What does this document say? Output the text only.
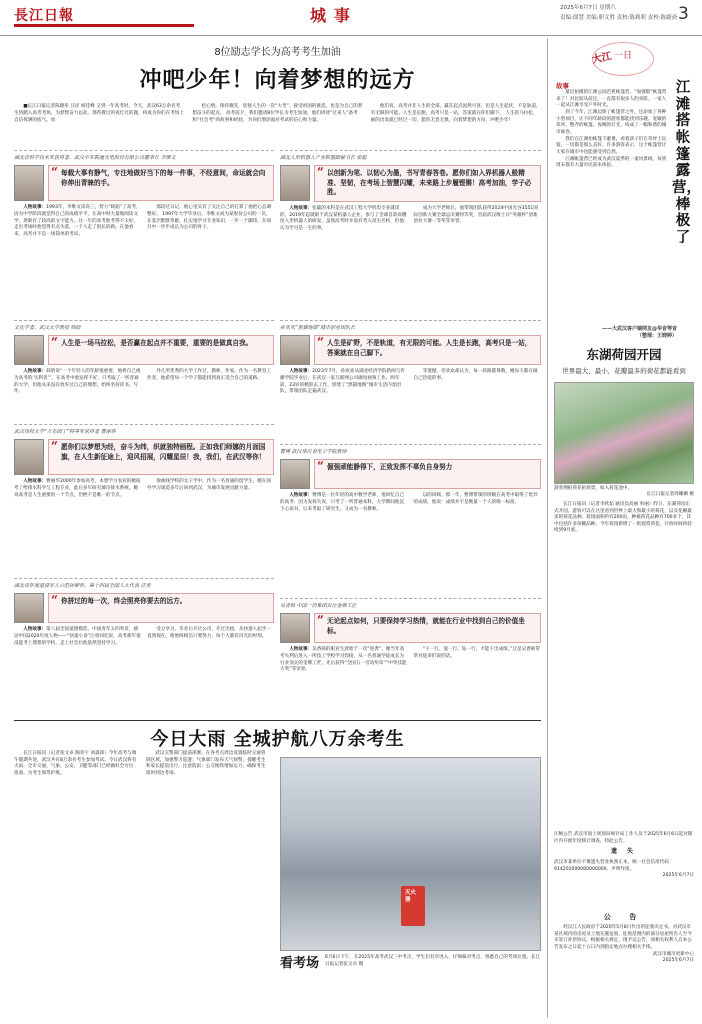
長江日報	城事	2025年6月7日 星期六
责编:郎慧 美编:职文胜 责校:陈莉莉 责校:陈疆斋 3
8位励志学长为高考考生加油
冲吧少年！向着梦想的远方

■长江日报记者陈晓彤 汪洋 杨佳峰 又到一年高考时。今天，武汉63万余名考生将踏入高考考场，为梦想奋力以赴。那些教过的夜灯过的题，将成为你们在考场上自信挥洒的底气。放

松心情，保持微笑，迎接人生的一次“大考”。接受祖国的挑选，也是为自己的梦想奋斗的起点。 高考前夕，我们邀请8位学长为考生加油，他们讲述“过来人”备考和“社会考”的故事和经验，为你们增添面对考试的信心和力量。

他们说，高考并非人生的全部，赢在起点固然可喜，但是人生起伏，不是轨道，有无限的可能。人生是长跑，高考只是一站，答案就在你们脚下。 人生的马拉松，画的出发就已经过一切，愿你无畏无惧，向着梦想的方向，冲吧少年！

湖北省科学技术奖获得者、武汉中车联通光电股份有限公司董事长 李维文
“ 每载大事有静气，专注地做好当下的每一件事，不经意间，命运就会向你伸出青睐的手。

人物故事：1993年，李维文读高三，智力“缺陷”了高考，因为中学阶段就觉得自己的成绩平平，在高中时大量地阅读文学，逐渐有了较高的文字能力。这一年的高考他考得不太好，走出考场时他觉得有点失落，一个人走了很长的路。在他看来，高考并不是一场简单的考试。

那段过日记，他心里头有了关注自己的打算了他把心态调整好。 1997年大学毕业后，李维文成为某股份公司的一员，在基层默默奉献，扎实地学习专业知识，一步一个脚印，在项目中一步步成长为公司的骨干。

湖北人形机器人产业联盟副秘书长 张聪
“ 以创新为笔、以韧心为墨，书写青春答卷。愿你们如入界机器人般精准、坚韧，在考场上智慧闪耀，未来路上步履铿锵！高考加油，学子必胜。

人物故事：张聪的本科是在武汉工程大学机电专业就读的，2019年起就职于武汉某机器人企业，参与了全球首款高精度人形机器人的研发。虽然高考时并没有考入顶尖名校，但他认为学习是一生的事。

成为大学老师后，他带领团队获得2024中国光谷3551国际创新大赛全球总决赛特等奖，首届武汉唯士日“英雄杯”创新创业大赛一等奖等荣誉。

文化学者、武汉大学教授 韩晗
“ 人生是一场马拉松，是否赢在起点并不重要，重要的是做真自我。

人物故事：韩晗说“一个年轻人的年龄很重要，他将自己视为高考的‘失利者’”。在高考中他发挥不好，只考取了一所普通的大学，但他从来没有放弃过自己的理想，始终坚持读书、写作。

外几所优秀的大学工作过，教师、作家，作为一名教育工作者，他希望每一个学子都能找到真正适合自己的道路。

孙欢欢“黑猫地图”城市创业团队长
“ 人生是矿野，不是轨道，有无限的可能。人生是长跑，高考只是一站，答案就在自己脚下。

人物故事：2023年7月，孙欢欢从湖北经济学院新闻与传播学院毕业后，在武汉一家互联网公司做短视频工作。两年前，23岁的她辞去工作，创建了“黑猫地图”城市生活内容团队，带领团队走遍武汉。

等遗憾，但欢欢却认为，每一段路都算数，她每天都在做自己热爱的事。

武汉体校大学“万名园丁”特等奖获得者 曹丽华
“ 愿你们以梦想为经，奋斗为纬，织就独特画程。正如我们师娜的月面国旗，在人生新征途上，迎风招展，闪耀星辰！我，我们，在武汉等你！

人物故事：曹丽华2000年参加高考，本想学习农业的她报考了给排水科学与工程专业，此后多年研究城市排水系统。她说高考是人生重要的一个节点，但绝不是唯一的节点。

俞曲线学校的女子学中，作为一名普通的留学生，她在国外学习深造多年后回到武汉，为城市发展贡献力量。

曹博 武汉华仪表电子学院教师
“ 倔强顽能静得下，正致发挥不辜负自身努力

人物故事：曹博是一位年轻的高中数学老师，他回忆自己的高考：因为发挥失误，只考了一所普通本科。大学期间他沉下心读书，后来考取了研究生，又成为一名教师。

以的回顾。那一年，曹博带领的班级在高考中取得了优异的成绩，他说：成绩并不是衡量一个人的唯一标准。

湖北省年度退役军人示范孙柳哲、第十四届全国人大代表 汪勇
“ 你拼过的每一次，终会照亮你要去的远方。

人物故事：第八届全国道德模范、中国青年五四奖章，感动中国2020年度人物——“快递小哥”汪勇回忆说，高考那年他没能考上理想的学校，走上社会后他依然坚持学习。

受分享习，毕业后开过公司，开过出租，从快递人起步一直到现在，他始终相信只要努力，每个人都有闪光的时刻。

吴香韩 中国一冶集团首位金牌工匠
“ 无论起点如何，只要保持学习热情，就能在行业中找到自己的价值坐标。

人物故事：吴香韩的职业生涯始于一次“逆袭”。她当年高考失利后进入一所技工学校学习焊接，从一名普通学徒成长为行业顶尖的金牌工匠，先后获得“全国五一劳动奖章”“中华技能大奖”等荣誉。

“干一行、爱一行、钻一行，才能干出成绩。”这是吴香韩常常对徒弟们说的话。

大江 一日
故事

最近拍摄的江滩公园芭蕉帐篷营，“加强版”帐篷营来了！对比较从前还，一直都有很多人的身影。一家人一起从江滩享受户外时光。

到了今年，江滩边除了帐篷营之外，还添加了各种小型项目，让不同年龄段的游客都能找到乐趣。宽敞的草坪、整齐的帐篷、夜晚的灯光，构成了一幅和谐的城市画卷。

我们在江滩拍帐篷下避暑，看着孩子们在草坪上玩耍，一切都是那么美好。许多游客表示，这个帐篷营让大家在城市中也能感受到自然。

江滩帐篷营已经成为武汉夏季的一道风景线，每到周末都有大量市民前来体验。

江滩搭帐篷露营，棒极了
——大武汉客户端网友@华音琴音
（整理：王晓婷）
东湖荷园开园
世界最大、最小，花瓣最多的荷花都能看到
游客拥拍荷花拍场景，如入荷花池中。
长江日报记者周姗姗 摄

长江日报讯（记者李欣茹 通讯员高丽 单丽）昨日，东湖荷园正式开园。游客可以在这里看到世界上最大和最小的荷花，以及花瓣最多的荷花品种。荷园面积约有200亩，种植荷花品种有700多个，其中包括许多珍稀品种。今年荷园新增了一批观赏荷花，开放时间将持续到9月底。

汪帧公告 武汉市国土规划局统计局工作人员于2025年6月6日起对辖区内开展年度统计调查，特此公告。
遗 失
武汉市某单位不慎遗失营业执照正本，统一社会信用代码：914201000000000000，声明作废。
2025年6月7日
公 告

经汉江人民政府于2020年5月8日作出的征收决定书，对武汉市某区域内的房屋及土地实施征收，征收范围内的部分房屋所有人至今未签订补偿协议。根据相关规定，现予以公告，请相关权利人自本公告发布之日起十五日内到指定地点办理相关手续。

武汉市城市更新中心
2025年6月7日
今日大雨 全城护航八万余考生

长江日报讯（记者张文卓 陶青宇 刘淼锋）今年高考与端午假期共迎，武汉共有8万余名考生参加考试。今日武汉将有大雨，全市交通、气象、公安、卫健等部门已经做好全方位准备，为考生保驾护航。

武汉交警部门提前部署，在各考点周边设置临时交通管制区域，加强警力巡逻；气象部门发布天气预警，提醒考生和家长提前出行，注意防雨；公交地铁增加运力，确保考生准时到达考场。

灭火器
看考场 6月6日下午，在2025年高考武汉三中考点，学生们有序进入，仔细核对考点，熟悉自己的考场位置。长江日报记者张文卓 摄
